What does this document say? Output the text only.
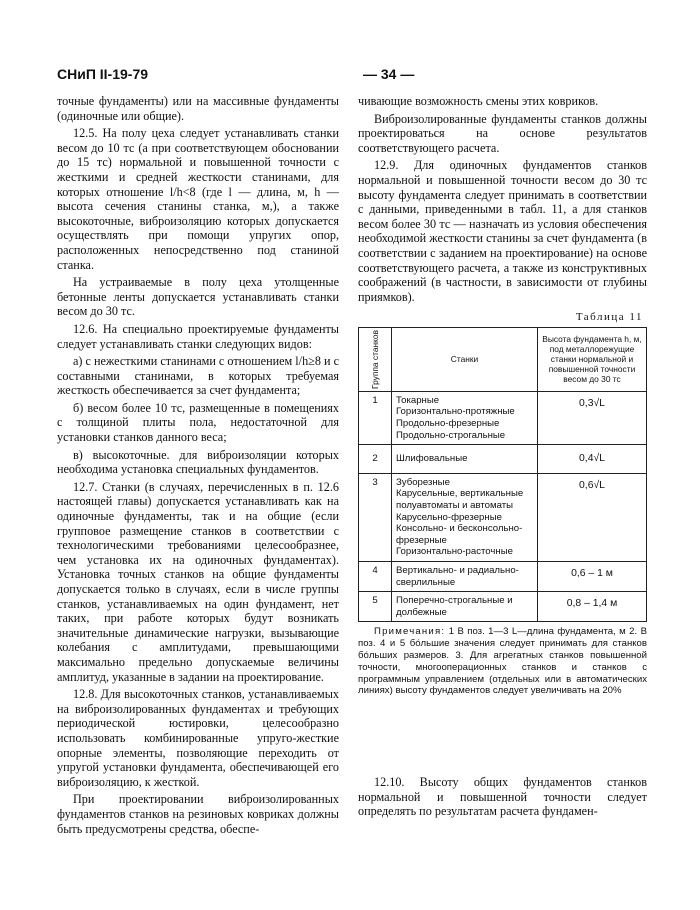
СНиП II-19-79	— 34 —

точные фундаменты) или на массивные фундаменты (одиночные или общие).

12.5. На полу цеха следует устанавливать станки весом до 10 тс (а при соответствующем обосновании до 15 тс) нормальной и повышенной точности с жесткими и средней жесткости станинами, для которых отношение l/h<8 (где l — длина, м, h — высота сечения станины станка, м,), а также высокоточные, виброизоляцию которых допускается осуществлять при помощи упругих опор, расположенных непосредственно под станиной станка.

На устраиваемые в полу цеха утолщенные бетонные ленты допускается устанавливать станки весом до 30 тс.

12.6. На специально проектируемые фундаменты следует устанавливать станки следующих видов:

а) с нежесткими станинами с отношением l/h≥8 и с составными станинами, в которых требуемая жесткость обеспечивается за счет фундамента;

б) весом более 10 тс, размещенные в помещениях с толщиной плиты пола, недостаточной для установки станков данного веса;

в) высокоточные. для виброизоляции которых необходима установка специальных фундаментов.

12.7. Станки (в случаях, перечисленных в п. 12.6 настоящей главы) допускается устанавливать как на одиночные фундаменты, так и на общие (если групповое размещение станков в соответствии с технологическими требованиями целесообразнее, чем установка их на одиночных фундаментах). Установка точных станков на общие фундаменты допускается только в случаях, если в числе группы станков, устанавливаемых на один фундамент, нет таких, при работе которых будут возникать значительные динамические нагрузки, вызывающие колебания с амплитудами, превышающими максимально предельно допускаемые величины амплитуд, указанные в задании на проектирование.

12.8. Для высокоточных станков, устанавливаемых на виброизолированных фундаментах и требующих периодической юстировки, целесообразно использовать комбинированные упруго-жесткие опорные элементы, позволяющие переходить от упругой установки фундамента, обеспечивающей его виброизоляцию, к жесткой.

При проектировании виброизолированных фундаментов станков на резиновых ковриках должны быть предусмотрены средства, обеспе-

чивающие возможность смены этих ковриков.

Виброизолированные фундаменты станков должны проектироваться на основе результатов соответствующего расчета.

12.9. Для одиночных фундаментов станков нормальной и повышенной точности весом до 30 тс высоту фундамента следует принимать в соответствии с данными, приведенными в табл. 11, а для станков весом более 30 тс — назначать из условия обеспечения необходимой жесткости станины за счет фундамента (в соответствии с заданием на проектирование) на основе соответствующего расчета, а также из конструктивных соображений (в частности, в зависимости от глубины приямков).

Таблица 11
Группа станков	Станки	Высота фундамента h, м, под металлорежущие станки нормальной и повышенной точности весом до 30 тс
1	Токарные
Горизонтально-протяжные
Продольно-фрезерные
Продольно-строгальные	0,3√L
2	Шлифовальные	0,4√L
3	Зуборезные
Карусельные, вертикальные полуавтоматы и автоматы
Карусельно-фрезерные
Консольно- и бесконсольно-фрезерные
Горизонтально-расточные	0,6√L
4	Вертикально- и радиально-сверлильные	0,6 – 1 м
5	Поперечно-строгальные и долбежные	0,8 – 1,4 м
Примечания: 1 В поз. 1—3 L—длина фундамента, м 2. В поз. 4 и 5 бóльшие значения следует принимать для станков бóльших размеров. 3. Для агрегатных станков повышенной точности, многооперационных станков и станков с программным управлением (отдельных или в автоматических линиях) высоту фундаментов следует увеличивать на 20%

12.10. Высоту общих фундаментов станков нормальной и повышенной точности следует определять по результатам расчета фундамен-
